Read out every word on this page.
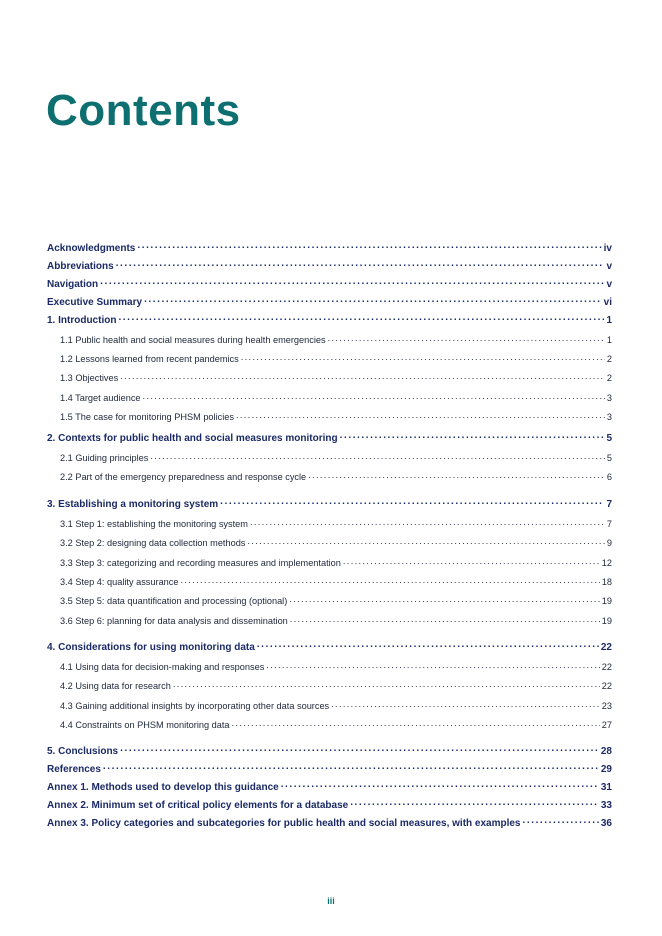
Contents
Acknowledgments . . .	iv
Abbreviations . . .	v
Navigation . . .	v
Executive Summary . . .	vi
1. Introduction . . .	1
1.1 Public health and social measures during health emergencies . . .	1
1.2 Lessons learned from recent pandemics . . .	2
1.3 Objectives . . .	2
1.4 Target audience . . .	3
1.5 The case for monitoring PHSM policies . . .	3
2. Contexts for public health and social measures monitoring . . .	5
2.1 Guiding principles . . .	5
2.2 Part of the emergency preparedness and response cycle . . .	6
3. Establishing a monitoring system . . .	7
3.1 Step 1: establishing the monitoring system . . .	7
3.2 Step 2: designing data collection methods . . .	9
3.3 Step 3: categorizing and recording measures and implementation . . .	12
3.4 Step 4: quality assurance . . .	18
3.5 Step 5: data quantification and processing (optional) . . .	19
3.6 Step 6: planning for data analysis and dissemination . . .	19
4. Considerations for using monitoring data . . .	22
4.1 Using data for decision-making and responses . . .	22
4.2 Using data for research . . .	22
4.3 Gaining additional insights by incorporating other data sources . . .	23
4.4 Constraints on PHSM monitoring data . . .	27
5. Conclusions . . .	28
References . . .	29
Annex 1. Methods used to develop this guidance . . .	31
Annex 2. Minimum set of critical policy elements for a database . . .	33
Annex 3. Policy categories and subcategories for public health and social measures, with examples . . .	36
iii
